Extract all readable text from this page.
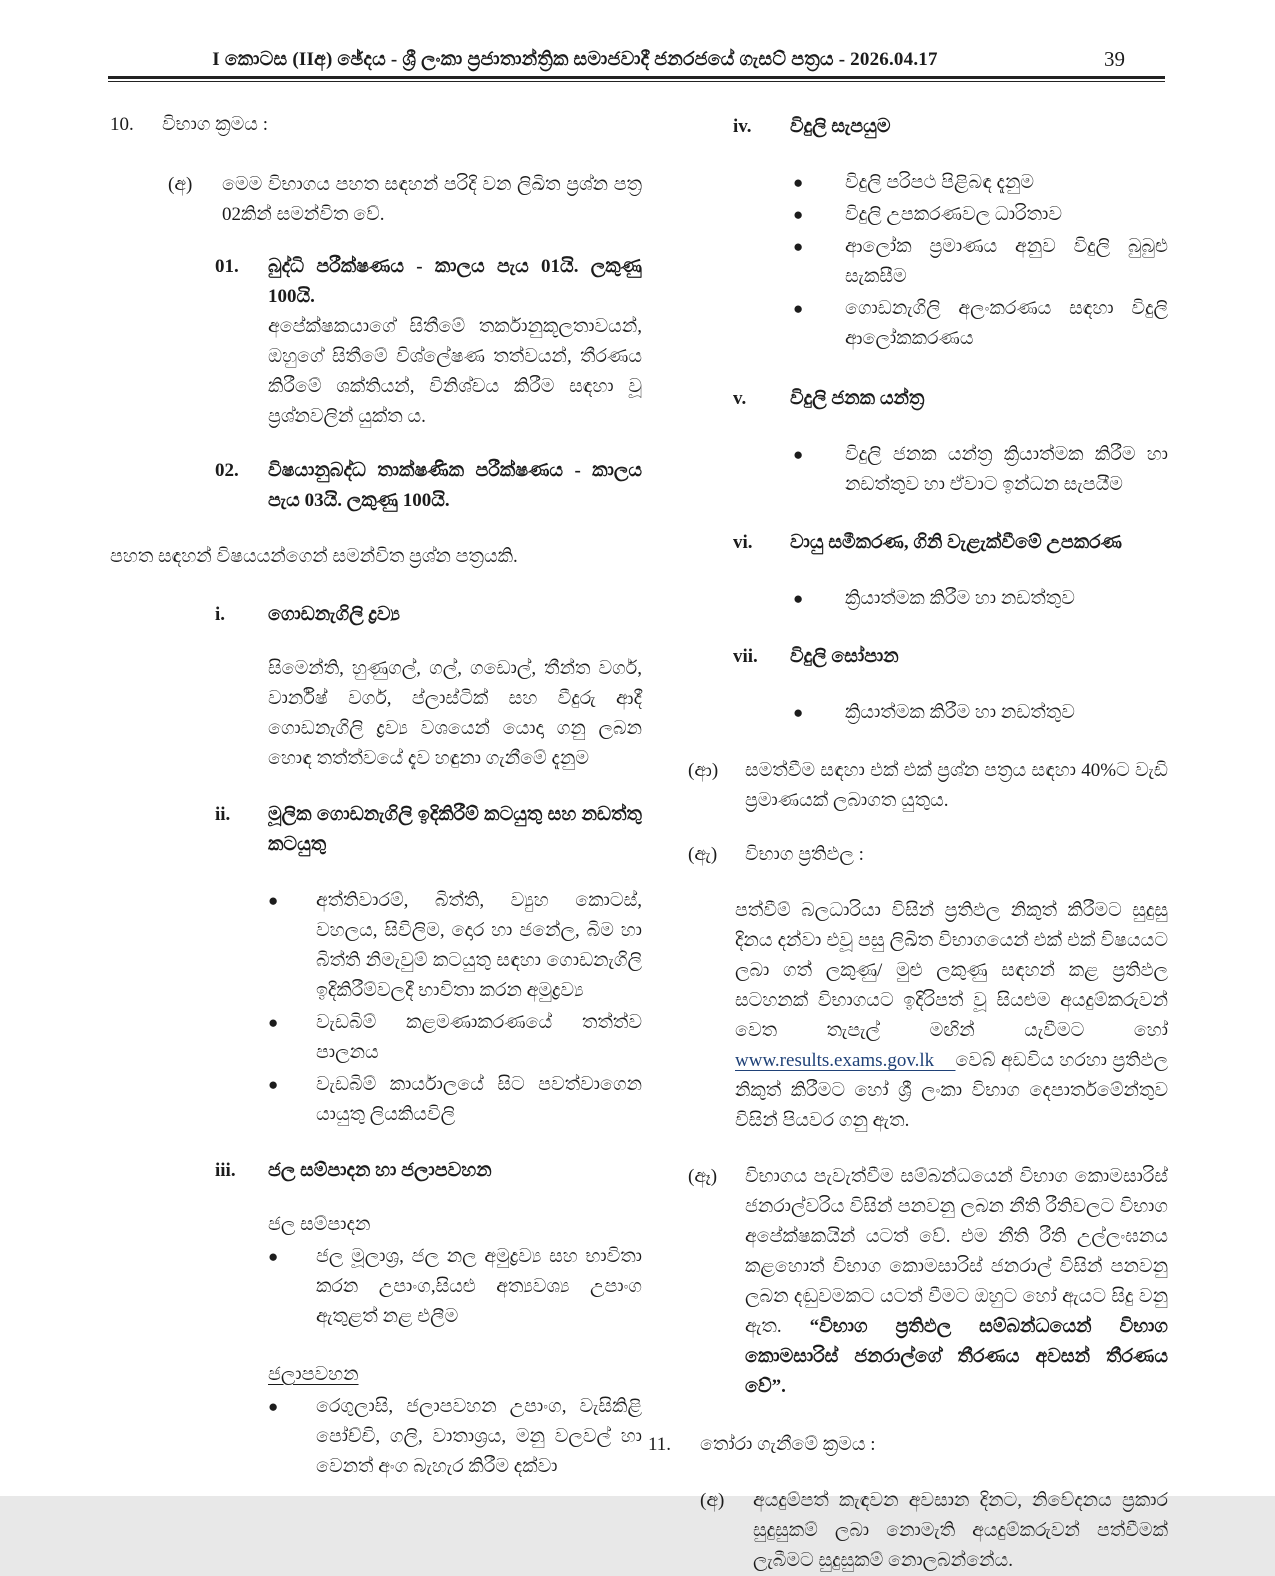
I කොටස (IIඅ) ඡේදය - ශ්‍රී ලංකා ප්‍රජාතාන්ත්‍රික සමාජවාදී ජනරජයේ ගැසට් පත්‍රය - 2026.04.17	39
10.	විභාග ක්‍රමය :
(අ)	මෙම විභාගය පහත සඳහන් පරිදි වන ලිඛිත ප්‍රශ්න පත්‍ර 02කින් සමන්විත වේ.
01.	බුද්ධි පරීක්ෂණය - කාලය පැය 01යි. ලකුණු 100යි.
අපේක්ෂකයාගේ සිතීමේ තර්කානුකූලතාවයන්, ඔහුගේ සිතීමේ විශ්ලේෂණ තත්වයන්, තීරණය කිරීමේ ශක්තියන්, විනිශ්චය කිරීම සඳහා වූ ප්‍රශ්නවලින් යුක්ත ය.
02.	විෂයානුබද්ධ තාක්ෂණික පරීක්ෂණය - කාලය පැය 03යි. ලකුණු 100යි.
පහත සඳහන් විෂයයන්ගෙන් සමන්විත ප්‍රශ්න පත්‍රයකි.
i.	ගොඩනැගිලි ද්‍රව්‍ය
සිමෙන්ති, හුණුගල්, ගල්, ගඩොල්, තීන්ත වර්ග, වාර්නිෂ් වර්ග, ප්ලාස්ටික් සහ වීදුරු ආදී ගොඩනැගිලි ද්‍රව්‍ය වශයෙන් යොදා ගනු ලබන හොඳ තත්ත්වයේ දැව හඳුනා ගැනීමේ දැනුම
ii.	මූලික ගොඩනැගිලි ඉදිකිරීම් කටයුතු සහ නඩත්තු කටයුතු
●	අත්තිවාරම්, බිත්ති, ව්‍යුහ කොටස්, වහලය, සිවිලිම, දොර හා ජනේල, බිම හා බිත්ති නිමැවුම් කටයුතු සඳහා ගොඩනැගිලි ඉදිකිරීම්වලදී භාවිතා කරන අමුද්‍රව්‍ය
●	වැඩබිම් කළමණාකරණයේ තත්ත්ව පාලනය
●	වැඩබිම් කාර්යාලයේ සිට පවත්වාගෙන යායුතු ලියකියවිලි
iii.	ජල සම්පාදන හා ජලාපවහන
ජල සම්පාදන
●	ජල මූලාශ්‍ර, ජල නල අමුද්‍රව්‍ය සහ භාවිතා කරන උපාංග,සියළු අත්‍යවශ්‍ය උපාංග ඇතුළත් නළ එලීම
ජලාපවහන
●	රෙගුලාසි, ජලාපවහන උපාංග, වැසිකිළි පෝච්චි, ගලි, වාතාශ්‍රය, මනු වලවල් හා වෙනත් අංග බැහැර කිරීම දක්වා
iv.	විදුලි සැපයුම
●	විදුලි පරිපථ පිළිබඳ දැනුම
●	විදුලි උපකරණවල ධාරිතාව
●	ආලෝක ප්‍රමාණය අනුව විදුලි බුබුළු සැකසීම
●	ගොඩනැගිලි අලංකරණය සඳහා විදුලි ආලෝකකරණය
v.	විදුලි ජනක යන්ත්‍ර
●	විදුලි ජනක යන්ත්‍ර ක්‍රියාත්මක කිරීම හා නඩත්තුව හා ඒවාට ඉන්ධන සැපයීම
vi.	වායු සමීකරණ, ගිනි වැළැක්වීමේ උපකරණ
●	ක්‍රියාත්මක කිරීම හා නඩත්තුව
vii.	විදුලි සෝපාන
●	ක්‍රියාත්මක කිරීම හා නඩත්තුව
(ආ)	සමත්වීම සඳහා එක් එක් ප්‍රශ්න පත්‍රය සඳහා 40%ට වැඩි ප්‍රමාණයක් ලබාගත යුතුය.
(ඇ)	විභාග ප්‍රතිඵල :

පත්වීම් බලධාරියා විසින් ප්‍රතිඵල නිකුත් කිරීමට සුදුසු දිනය දන්වා එවූ පසු ලිඛිත විභාගයෙන් එක් එක් විෂයයට ලබා ගත් ලකුණු/ මුළු ලකුණු සඳහන් කළ ප්‍රතිඵල සටහනක් විභාගයට ඉදිරිපත් වූ සියළුම අයදුම්කරුවන් වෙත තැපැල් මඟින් යැවීමට හෝ www.results.exams.gov.lk වෙබ් අඩවිය හරහා ප්‍රතිඵල නිකුත් කිරීමට හෝ ශ්‍රී ලංකා විභාග දෙපාර්තමේන්තුව විසින් පියවර ගනු ඇත.

(ඈ)	විභාගය පැවැත්වීම සම්බන්ධයෙන් විභාග කොමසාරිස් ජනරාල්වරිය විසින් පනවනු ලබන නීති රීතිවලට විභාග අපේක්ෂකයින් යටත් වේ. එම නීති රීති උල්ලංඝනය කළහොත් විභාග කොමසාරිස් ජනරාල් විසින් පනවනු ලබන දඬුවමකට යටත් වීමට ඔහුට හෝ ඇයට සිදු වනු ඇත. “විභාග ප්‍රතිඵල සම්බන්ධයෙන් විභාග කොමසාරිස් ජනරාල්ගේ තීරණය අවසන් තීරණය වේ”.
11.	තෝරා ගැනීමේ ක්‍රමය :
(අ)	අයදුම්පත් කැඳවන අවසාන දිනට, නිවේදනය ප්‍රකාර සුදුසුකම් ලබා නොමැති අයදුම්කරුවන් පත්වීමක් ලැබීමට සුදුසුකම් නොලබන්නේය.
